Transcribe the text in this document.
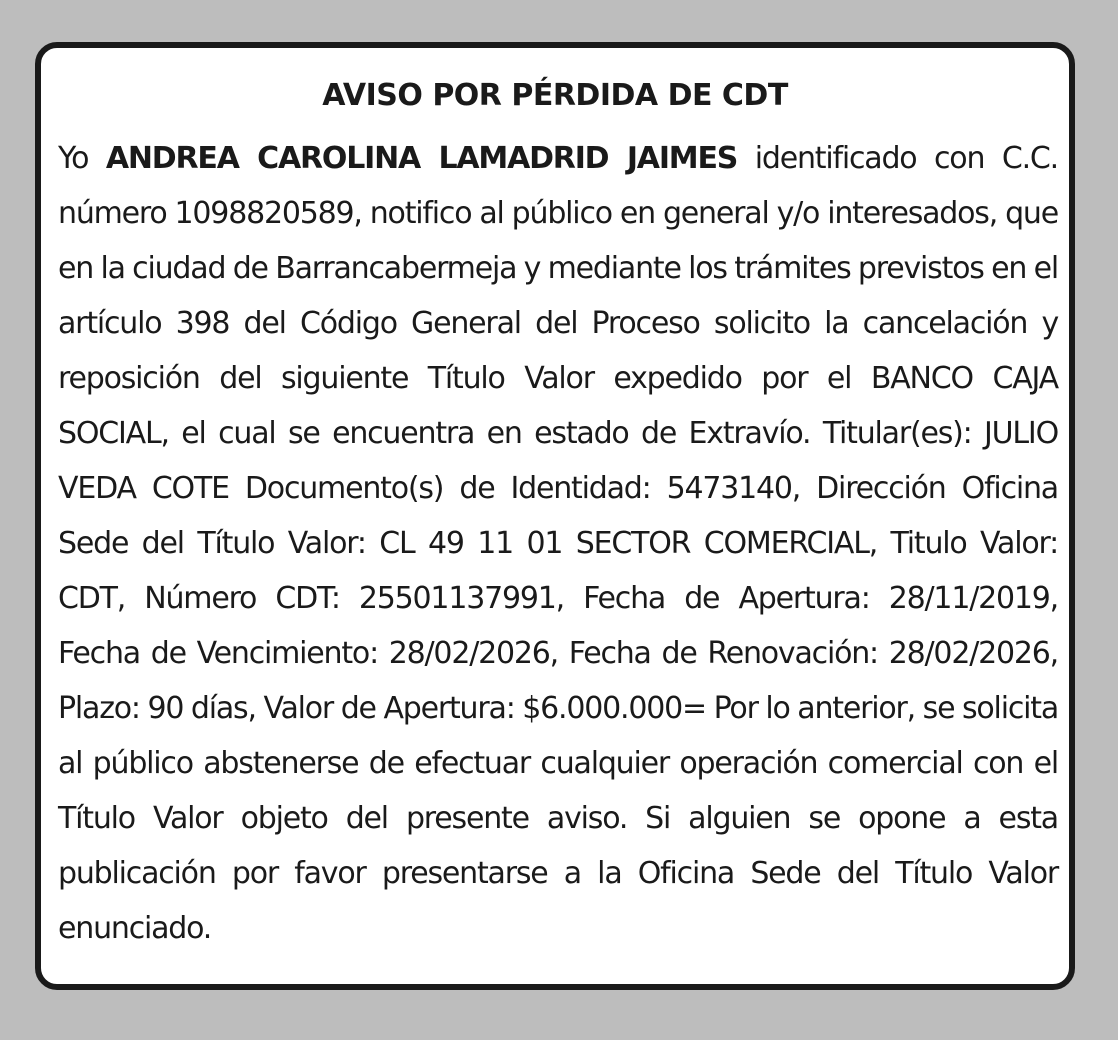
AVISO POR PÉRDIDA DE CDT
Yo ANDREA CAROLINA LAMADRID JAIMES identificado con C.C. número 1098820589, notifico al público en general y/o interesados, que en la ciudad de Barrancabermeja y mediante los trámites previstos en el artículo 398 del Código General del Proceso solicito la cancelación y reposición del siguiente Título Valor expedido por el BANCO CAJA SOCIAL, el cual se encuentra en estado de Extravío. Titular(es): JULIO VEDA COTE Documento(s) de Identidad: 5473140, Dirección Oficina Sede del Título Valor: CL 49 11 01 SECTOR COMERCIAL, Titulo Valor: CDT, Número CDT: 25501137991, Fecha de Apertura: 28/11/2019, Fecha de Vencimiento: 28/02/2026, Fecha de Renovación: 28/02/2026, Plazo: 90 días, Valor de Apertura: $6.000.000= Por lo anterior, se solicita al público abstenerse de efectuar cualquier operación comercial con el Título Valor objeto del presente aviso. Si alguien se opone a esta publicación por favor presentarse a la Oficina Sede del Título Valor enunciado.
